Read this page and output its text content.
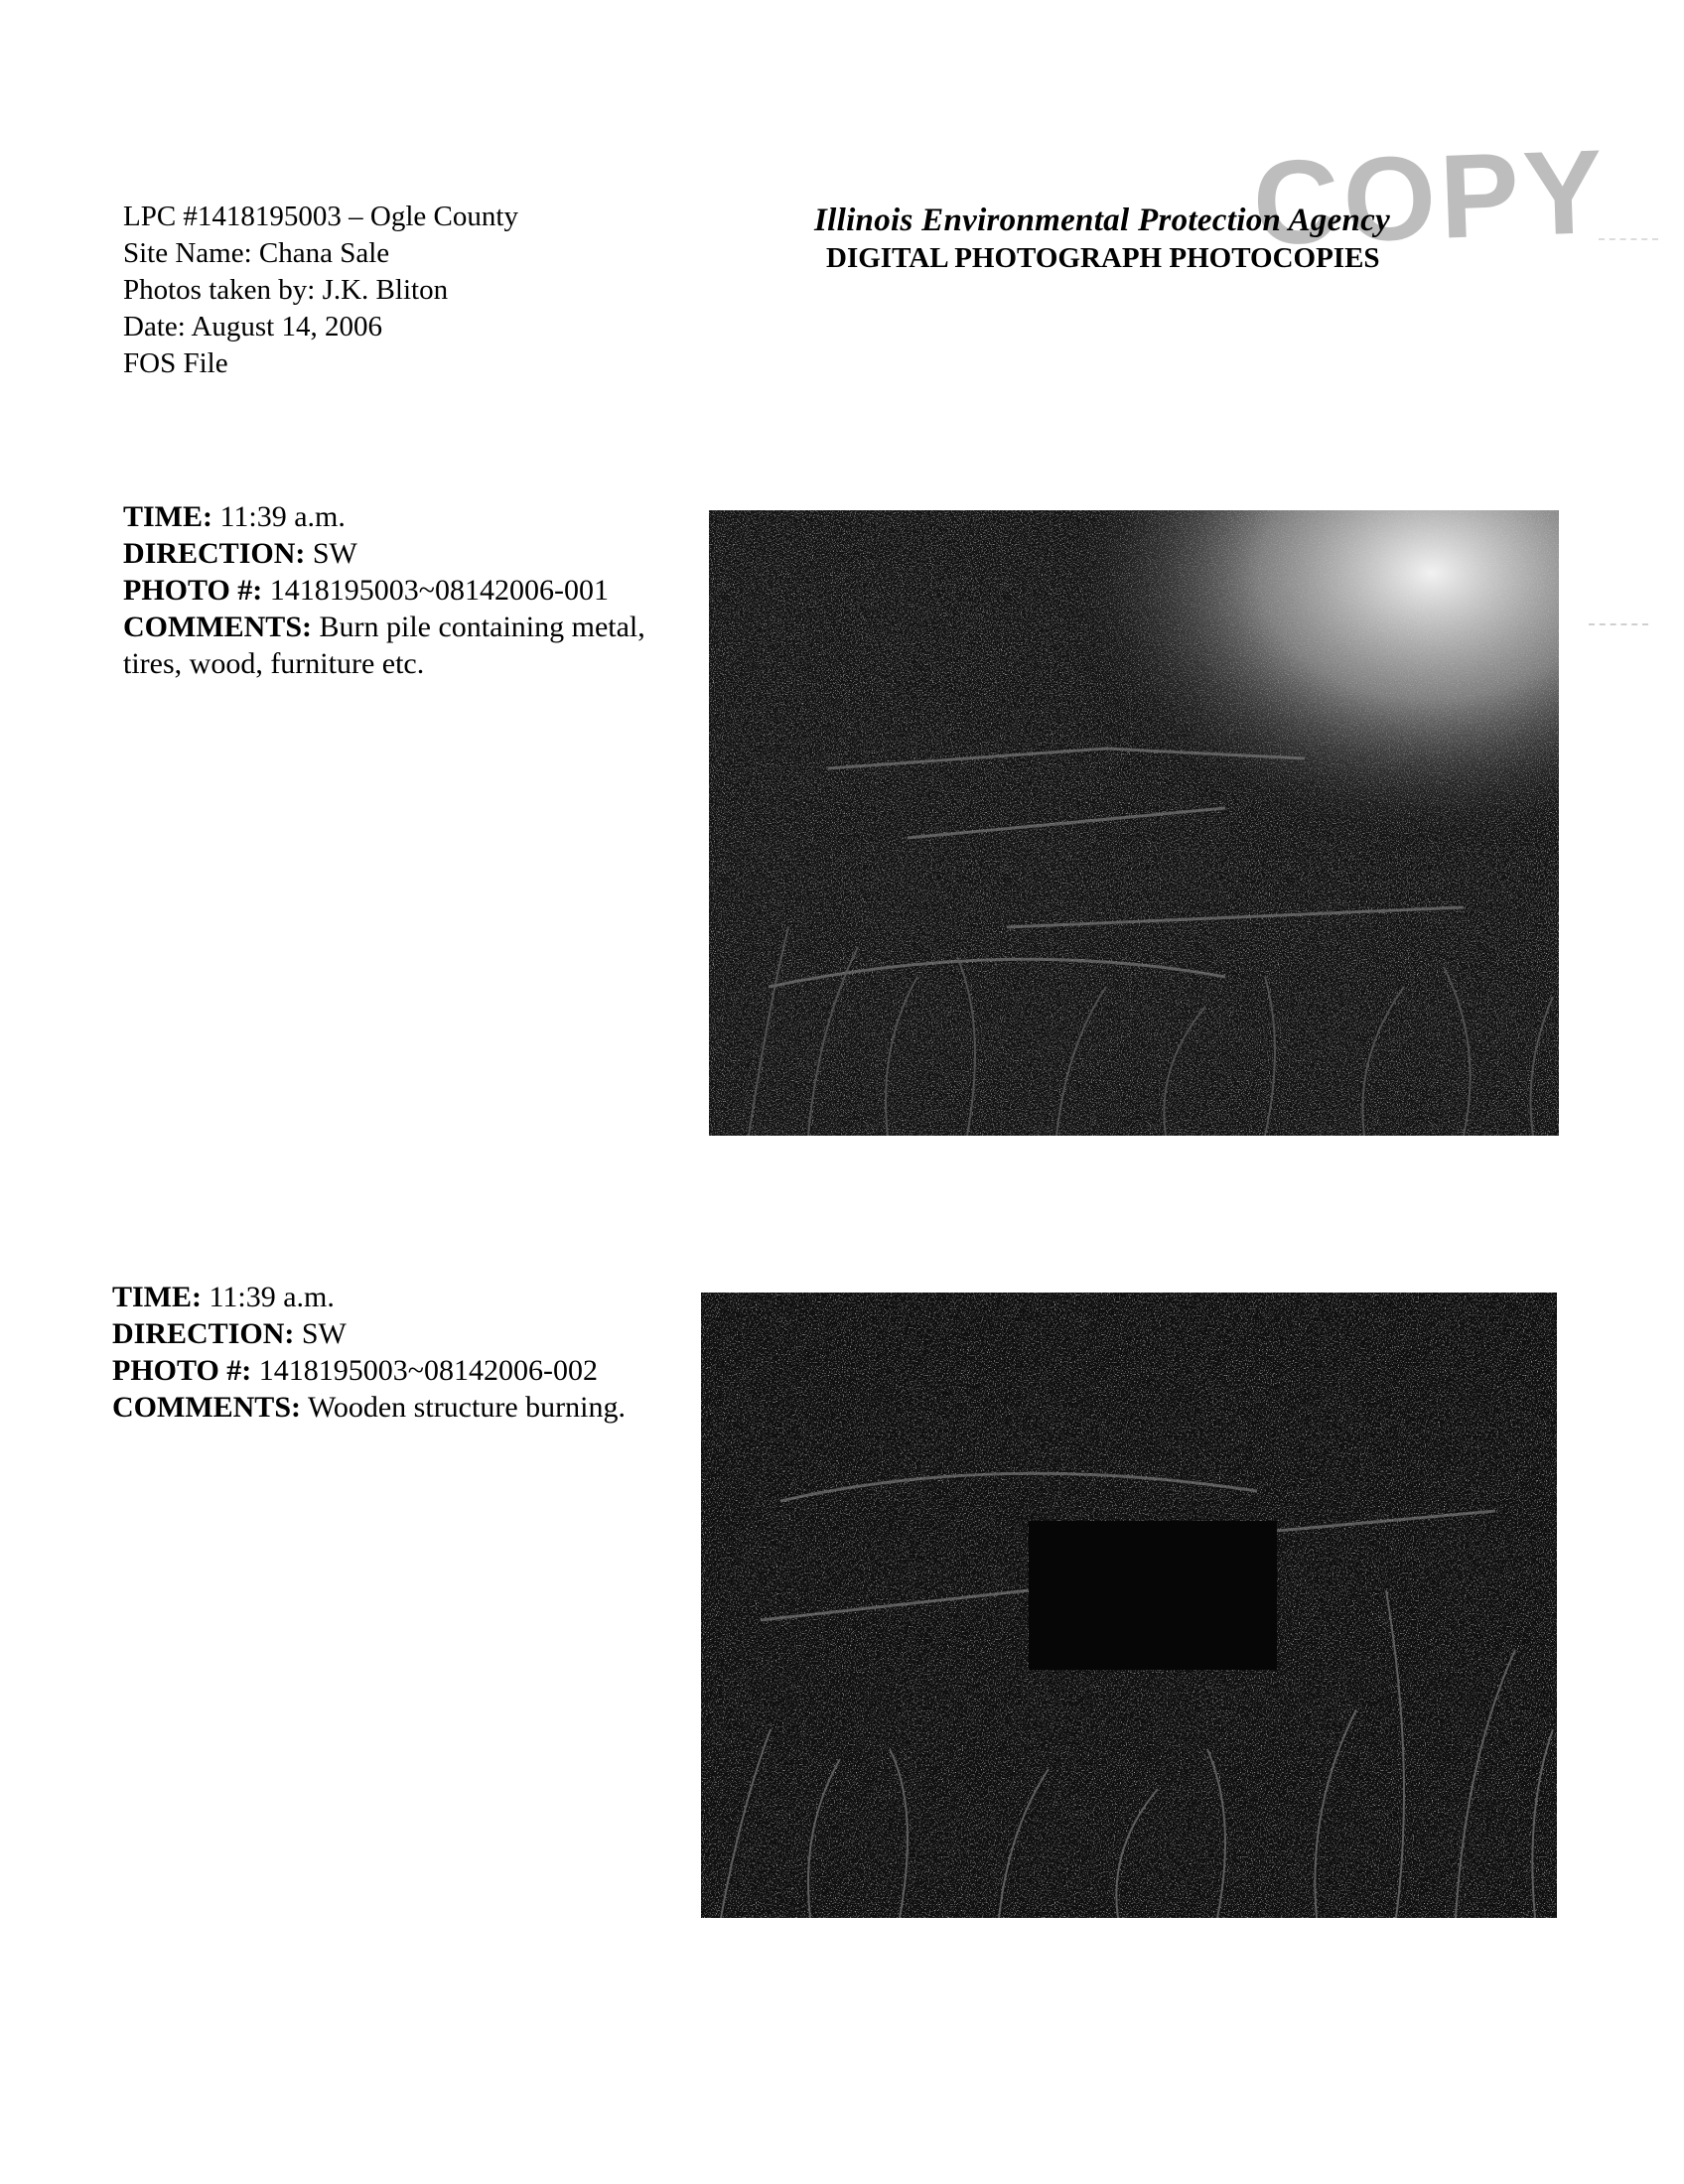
LPC #1418195003 – Ogle County
Site Name: Chana Sale
Photos taken by: J.K. Bliton
Date: August 14, 2006
FOS File
COPY
Illinois Environmental Protection Agency
DIGITAL PHOTOGRAPH PHOTOCOPIES
TIME: 11:39 a.m.
DIRECTION: SW
PHOTO #: 1418195003~08142006-001
COMMENTS: Burn pile containing metal, tires, wood, furniture etc.
TIME: 11:39 a.m.
DIRECTION: SW
PHOTO #: 1418195003~08142006-002
COMMENTS: Wooden structure burning.
